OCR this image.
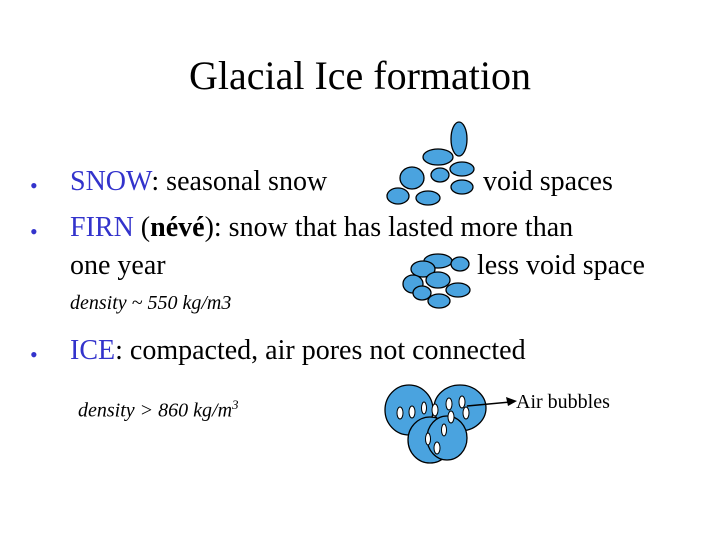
Glacial Ice formation
• SNOW: seasonal snow	void spaces
• FIRN (névé): snow that has lasted more than
one year	less void space
density ~ 550 kg/m3
• ICE: compacted, air pores not connected
density > 860 $kg/m^3$	Air bubbles
